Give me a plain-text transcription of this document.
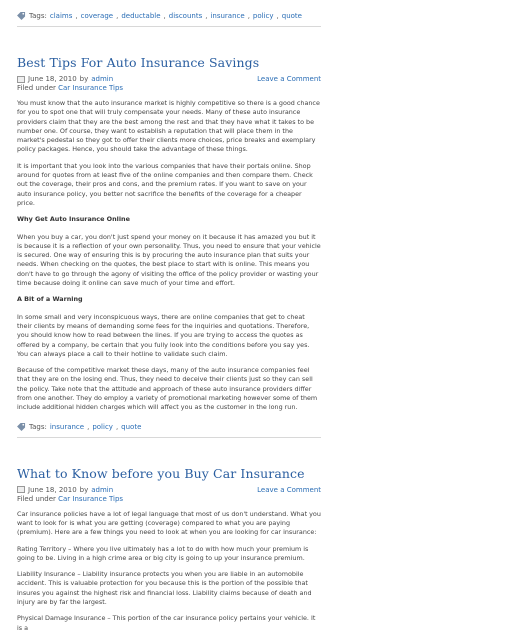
Tags: claims , coverage , deductable , discounts , insurance , policy , quote
Best Tips For Auto Insurance Savings
June 18, 2010 by admin	Leave a Comment
Filed under Car Insurance Tips

You must know that the auto insurance market is highly competitive so there is a good chance for you to spot one that will truly compensate your needs. Many of these auto insurance providers claim that they are the best among the rest and that they have what it takes to be number one. Of course, they want to establish a reputation that will place them in the market's pedestal so they got to offer their clients more choices, price breaks and exemplary policy packages. Hence, you should take the advantage of these things.

It is important that you look into the various companies that have their portals online. Shop around for quotes from at least five of the online companies and then compare them. Check out the coverage, their pros and cons, and the premium rates. If you want to save on your auto insurance policy, you better not sacrifice the benefits of the coverage for a cheaper price.

Why Get Auto Insurance Online

When you buy a car, you don't just spend your money on it because it has amazed you but it is because it is a reflection of your own personality. Thus, you need to ensure that your vehicle is secured. One way of ensuring this is by procuring the auto insurance plan that suits your needs. When checking on the quotes, the best place to start with is online. This means you don't have to go through the agony of visiting the office of the policy provider or wasting your time because doing it online can save much of your time and effort.

A Bit of a Warning

In some small and very inconspicuous ways, there are online companies that get to cheat their clients by means of demanding some fees for the inquiries and quotations. Therefore, you should know how to read between the lines. If you are trying to access the quotes as offered by a company, be certain that you fully look into the conditions before you say yes. You can always place a call to their hotline to validate such claim.

Because of the competitive market these days, many of the auto insurance companies feel that they are on the losing end. Thus, they need to deceive their clients just so they can sell the policy. Take note that the attitude and approach of these auto insurance providers differ from one another. They do employ a variety of promotional marketing however some of them include additional hidden charges which will affect you as the customer in the long run.

Tags: insurance , policy , quote
What to Know before you Buy Car Insurance
June 18, 2010 by admin	Leave a Comment
Filed under Car Insurance Tips

Car insurance policies have a lot of legal language that most of us don't understand. What you want to look for is what you are getting (coverage) compared to what you are paying (premium). Here are a few things you need to look at when you are looking for car insurance:

Rating Territory – Where you live ultimately has a lot to do with how much your premium is going to be. Living in a high crime area or big city is going to up your insurance premium.

Liability Insurance – Liability insurance protects you when you are liable in an automobile accident. This is valuable protection for you because this is the portion of the possible that insures you against the highest risk and financial loss. Liability claims because of death and injury are by far the largest.

Physical Damage Insurance – This portion of the car insurance policy pertains your vehicle. It is a
